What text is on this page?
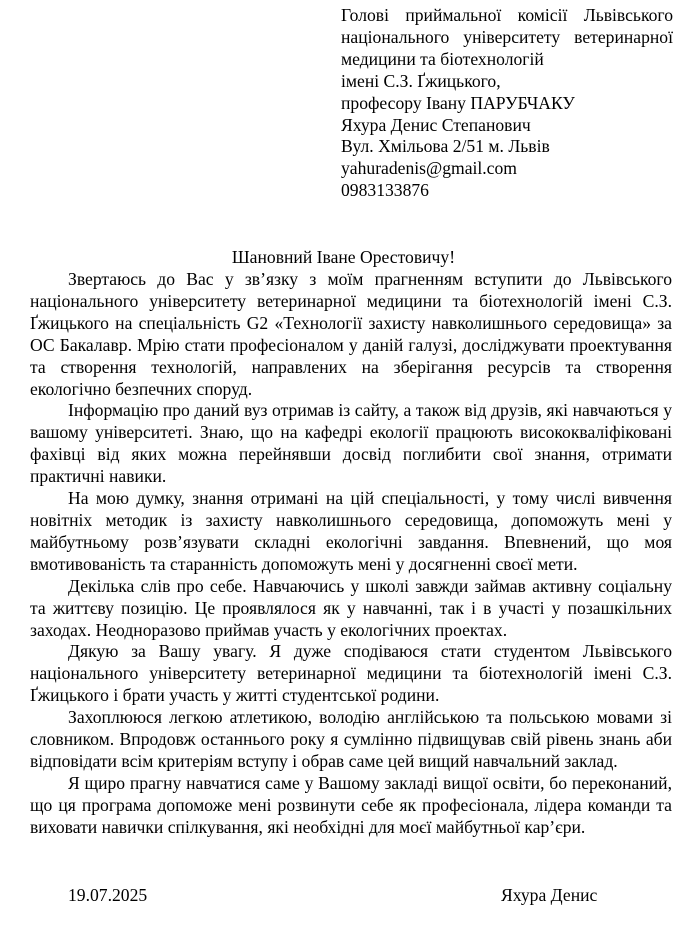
Голові приймальної комісії Львівського
національного університету ветеринарної
медицини та біотехнологій
імені С.З. Ґжицького,
професору Івану ПАРУБЧАКУ
Яхура Денис Степанович
Вул. Хмільова 2/51 м. Львів
yahuradenis@gmail.com
0983133876
Шановний Іване Орестовичу!

Звертаюсь до Вас у зв’язку з моїм прагненням вступити до Львівського національного університету ветеринарної медицини та біотехнологій імені С.З. Ґжицького на спеціальність G2 «Технології захисту навколишнього середовища» за ОС Бакалавр. Мрію стати професіоналом у даній галузі, досліджувати проектування та створення технологій, направлених на зберігання ресурсів та створення екологічно безпечних споруд.

Інформацію про даний вуз отримав із сайту, а також від друзів, які навчаються у вашому університеті. Знаю, що на кафедрі екології працюють висококваліфіковані фахівці від яких можна перейнявши досвід поглибити свої знання, отримати практичні навики.

На мою думку, знання отримані на цій спеціальності, у тому числі вивчення новітніх методик із захисту навколишнього середовища, допоможуть мені у майбутньому розв’язувати складні екологічні завдання. Впевнений, що моя вмотивованість та старанність допоможуть мені у досягненні своєї мети.

Декілька слів про себе. Навчаючись у школі завжди займав активну соціальну та життєву позицію. Це проявлялося як у навчанні, так і в участі у позашкільних заходах. Неодноразово приймав участь у екологічних проектах.

Дякую за Вашу увагу. Я дуже сподіваюся стати студентом Львівського національного університету ветеринарної медицини та біотехнологій імені С.З. Ґжицького і брати участь у житті студентської родини.

Захоплююся легкою атлетикою, володію англійською та польською мовами зі словником. Впродовж останнього року я сумлінно підвищував свій рівень знань аби відповідати всім критеріям вступу і обрав саме цей вищий навчальний заклад.

Я щиро прагну навчатися саме у Вашому закладі вищої освіти, бо переконаний, що ця програма допоможе мені розвинути себе як професіонала, лідера команди та виховати навички спілкування, які необхідні для моєї майбутньої кар’єри.

19.07.2025	Яхура Денис
